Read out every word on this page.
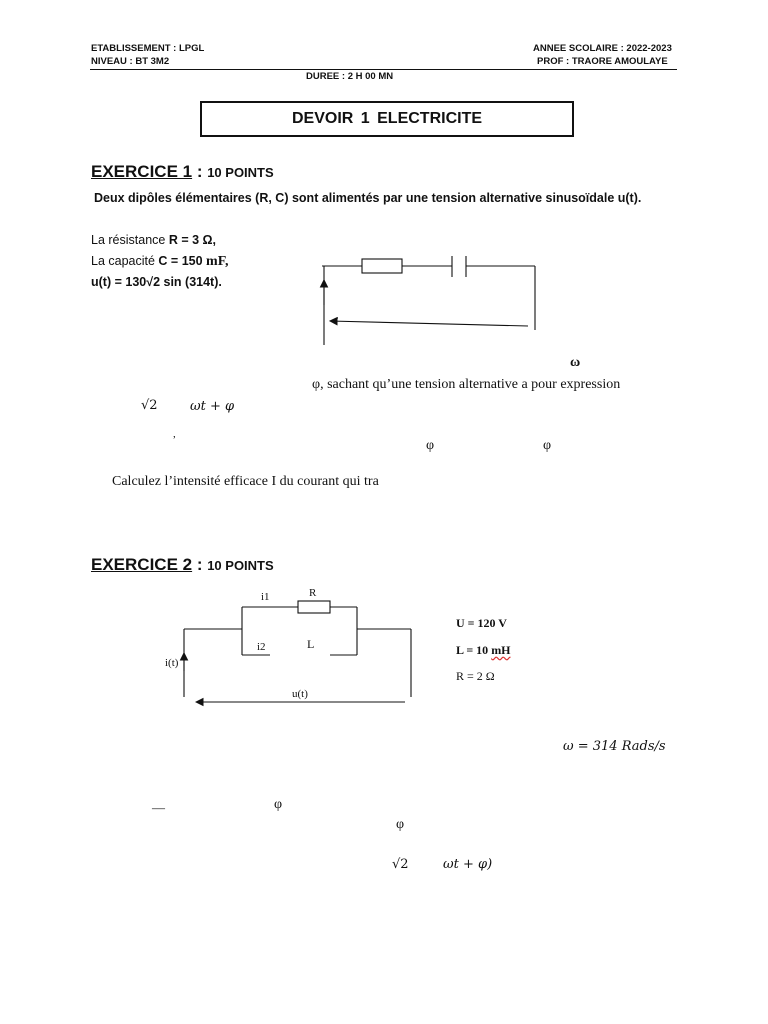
ETABLISSEMENT : LPGL
NIVEAU : BT 3M2
ANNEE SCOLAIRE : 2022-2023
PROF : TRAORE AMOULAYE
DUREE : 2 H 00 MN
DEVOIR 1 ELECTRICITE
EXERCICE 1 : 10 POINTS
Deux dipôles élémentaires (R, C) sont alimentés par une tension alternative sinusoïdale u(t).
La résistance R = 3 Ω,
La capacité C = 150 mF,
u(t) = 130√2 sin (314t).
ω
φ, sachant qu’une tension alternative a pour expression
√2 ωt + φ
,
φ	φ
Calculez l’intensité efficace I du courant qui tra
EXERCICE 2 : 10 POINTS
i1	R
i2	L
i(t)
u(t)
U = 120 V
L = 10 mH
R = 2 Ω
ω = 314 Rads/s
—	φ
φ
√2	ωt + φ)
